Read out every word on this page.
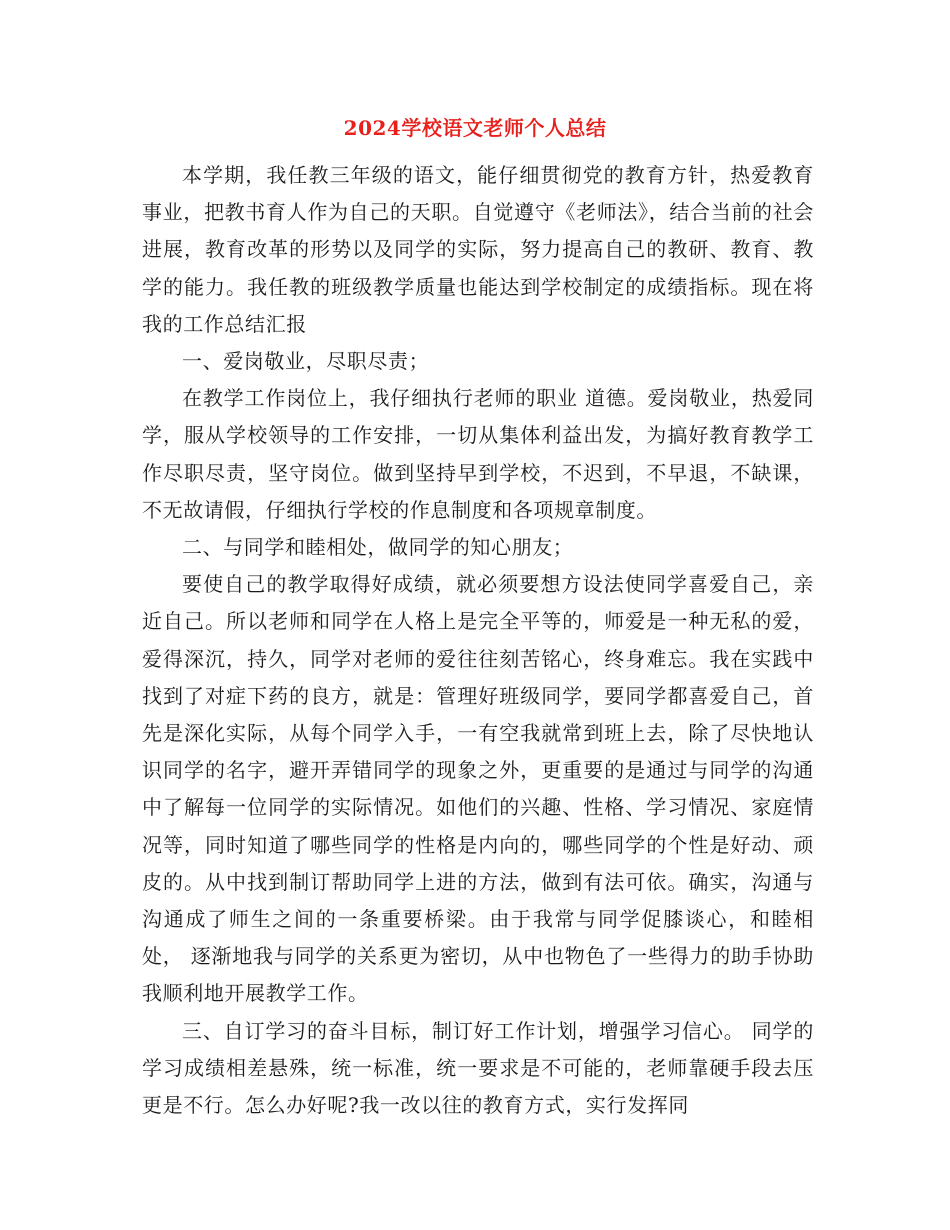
2024学校语文老师个人总结

本学期，我任教三年级的语文，能仔细贯彻党的教育方针，热爱教育事业，把教书育人作为自己的天职。自觉遵守《老师法》，结合当前的社会进展，教育改革的形势以及同学的实际，努力提高自己的教研、教育、教学的能力。我任教的班级教学质量也能达到学校制定的成绩指标。现在将我的工作总结汇报

一、爱岗敬业，尽职尽责；

在教学工作岗位上，我仔细执行老师的职业 道德。爱岗敬业，热爱同学，服从学校领导的工作安排，一切从集体利益出发，为搞好教育教学工作尽职尽责，坚守岗位。做到坚持早到学校，不迟到，不早退，不缺课，不无故请假，仔细执行学校的作息制度和各项规章制度。

二、与同学和睦相处，做同学的知心朋友；

要使自己的教学取得好成绩，就必须要想方设法使同学喜爱自己，亲近自己。所以老师和同学在人格上是完全平等的，师爱是一种无私的爱，爱得深沉，持久，同学对老师的爱往往刻苦铭心，终身难忘。我在实践中找到了对症下药的良方，就是：管理好班级同学，要同学都喜爱自己，首先是深化实际，从每个同学入手，一有空我就常到班上去，除了尽快地认识同学的名字，避开弄错同学的现象之外，更重要的是通过与同学的沟通中了解每一位同学的实际情况。如他们的兴趣、性格、学习情况、家庭情况等，同时知道了哪些同学的性格是内向的，哪些同学的个性是好动、顽皮的。从中找到制订帮助同学上进的方法，做到有法可依。确实，沟通与沟通成了师生之间的一条重要桥梁。由于我常与同学促膝谈心，和睦相处， 逐渐地我与同学的关系更为密切，从中也物色了一些得力的助手协助我顺利地开展教学工作。

三、自订学习的奋斗目标，制订好工作计划，增强学习信心。 同学的学习成绩相差悬殊，统一标准，统一要求是不可能的，老师靠硬手段去压更是不行。怎么办好呢?我一改以往的教育方式，实行发挥同
